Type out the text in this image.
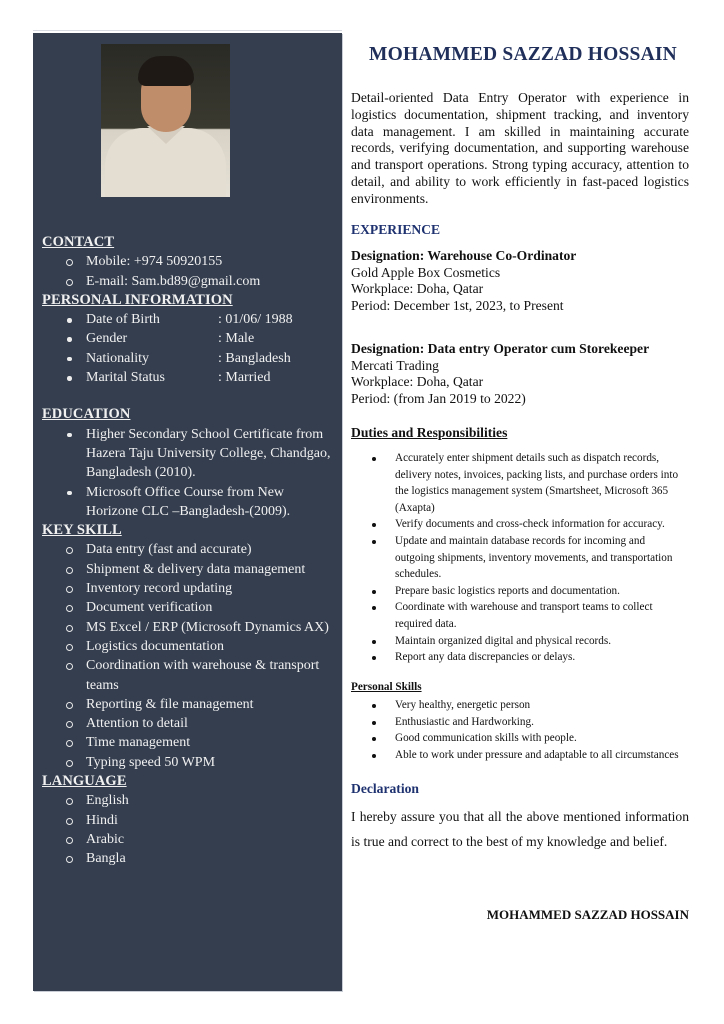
CONTACT
Mobile: +974 50920155
E-mail: Sam.bd89@gmail.com
PERSONAL INFORMATION
Date of Birth	: 01/06/ 1988
Gender	: Male
Nationality	: Bangladesh
Marital Status	: Married
EDUCATION
Higher Secondary School Certificate from Hazera Taju University College, Chandgao, Bangladesh (2010).
Microsoft Office Course from New Horizone CLC –Bangladesh-(2009).
KEY SKILL
Data entry (fast and accurate)
Shipment & delivery data management
Inventory record updating
Document verification
MS Excel / ERP (Microsoft Dynamics AX)
Logistics documentation
Coordination with warehouse & transport teams
Reporting & file management
Attention to detail
Time management
Typing speed 50 WPM
LANGUAGE
English
Hindi
Arabic
Bangla
MOHAMMED SAZZAD HOSSAIN

Detail-oriented Data Entry Operator with experience in logistics documentation, shipment tracking, and inventory data management. I am skilled in maintaining accurate records, verifying documentation, and supporting warehouse and transport operations. Strong typing accuracy, attention to detail, and ability to work efficiently in fast-paced logistics environments.

EXPERIENCE
Designation: Warehouse Co-Ordinator
Gold Apple Box Cosmetics
Workplace: Doha, Qatar
Period: December 1st, 2023, to Present
Designation: Data entry Operator cum Storekeeper
Mercati Trading
Workplace: Doha, Qatar
Period: (from Jan 2019 to 2022)
Duties and Responsibilities
Accurately enter shipment details such as dispatch records, delivery notes, invoices, packing lists, and purchase orders into the logistics management system (Smartsheet, Microsoft 365 (Axapta)
Verify documents and cross-check information for accuracy.
Update and maintain database records for incoming and outgoing shipments, inventory movements, and transportation schedules.
Prepare basic logistics reports and documentation.
Coordinate with warehouse and transport teams to collect required data.
Maintain organized digital and physical records.
Report any data discrepancies or delays.
Personal Skills
Very healthy, energetic person
Enthusiastic and Hardworking.
Good communication skills with people.
Able to work under pressure and adaptable to all circumstances
Declaration

I hereby assure you that all the above mentioned information is true and correct to the best of my knowledge and belief.

MOHAMMED SAZZAD HOSSAIN
